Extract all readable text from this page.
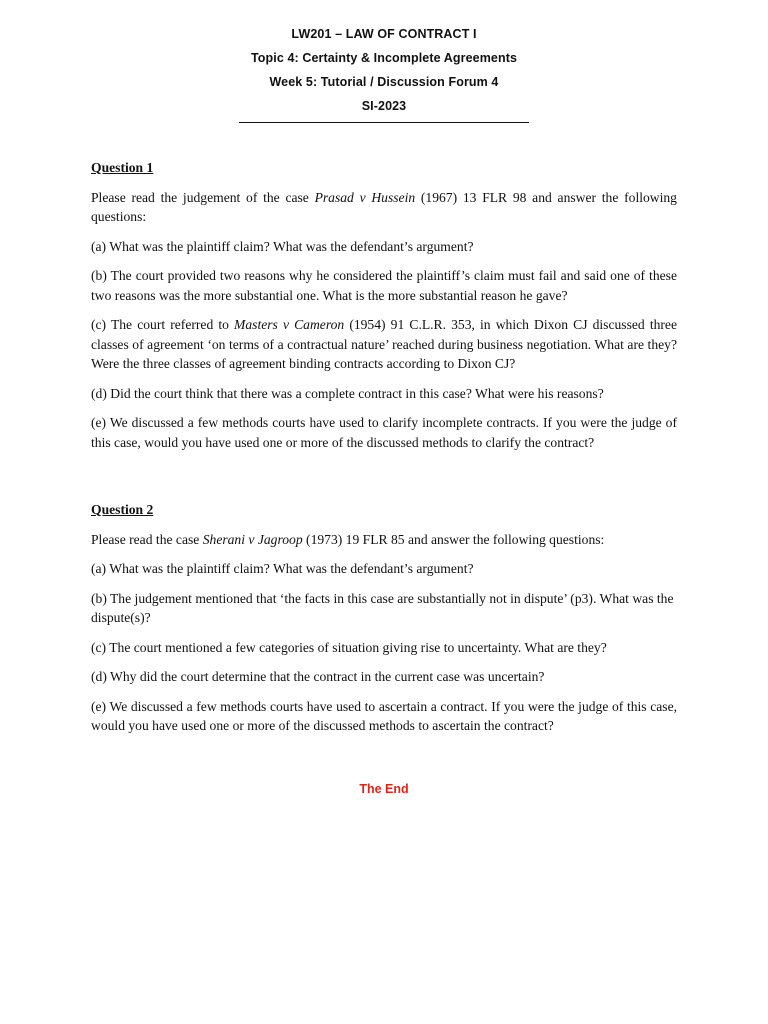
LW201 – LAW OF CONTRACT I
Topic 4: Certainty & Incomplete Agreements
Week 5: Tutorial / Discussion Forum 4
SI-2023
Question 1

Please read the judgement of the case Prasad v Hussein (1967) 13 FLR 98 and answer the following questions:

(a) What was the plaintiff claim? What was the defendant’s argument?

(b) The court provided two reasons why he considered the plaintiff’s claim must fail and said one of these two reasons was the more substantial one. What is the more substantial reason he gave?

(c) The court referred to Masters v Cameron (1954) 91 C.L.R. 353, in which Dixon CJ discussed three classes of agreement ‘on terms of a contractual nature’ reached during business negotiation. What are they? Were the three classes of agreement binding contracts according to Dixon CJ?

(d) Did the court think that there was a complete contract in this case? What were his reasons?

(e) We discussed a few methods courts have used to clarify incomplete contracts. If you were the judge of this case, would you have used one or more of the discussed methods to clarify the contract?

Question 2

Please read the case Sherani v Jagroop (1973) 19 FLR 85 and answer the following questions:

(a) What was the plaintiff claim? What was the defendant’s argument?

(b) The judgement mentioned that ‘the facts in this case are substantially not in dispute’ (p3). What was the dispute(s)?

(c) The court mentioned a few categories of situation giving rise to uncertainty. What are they?

(d) Why did the court determine that the contract in the current case was uncertain?

(e) We discussed a few methods courts have used to ascertain a contract. If you were the judge of this case, would you have used one or more of the discussed methods to ascertain the contract?

The End
